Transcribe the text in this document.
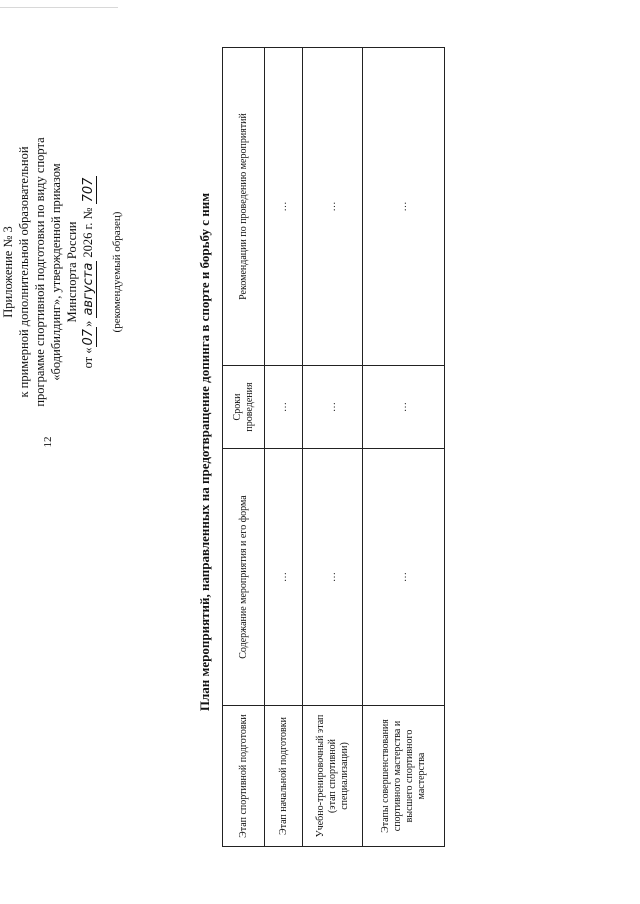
12
Приложение № 3 к примерной дополнительной образовательной программе спортивной подготовки по виду спорта «бодибилдинг», утвержденной приказом Минспорта России
от «07» августа 2026 г. № 707
(рекомендуемый образец)	План мероприятий, направленных на предотвращение допинга в спорте и борьбу с ним
Этап спортивной подготовки	Содержание мероприятия и его форма	Сроки проведения	Рекомендации по проведению мероприятий
Этап начальной подготовки	…	…	…
Учебно-тренировочный этап (этап спортивной специализации)	…	…	…
Этапы совершенствования спортивного мастерства и высшего спортивного мастерства	…	…	…
